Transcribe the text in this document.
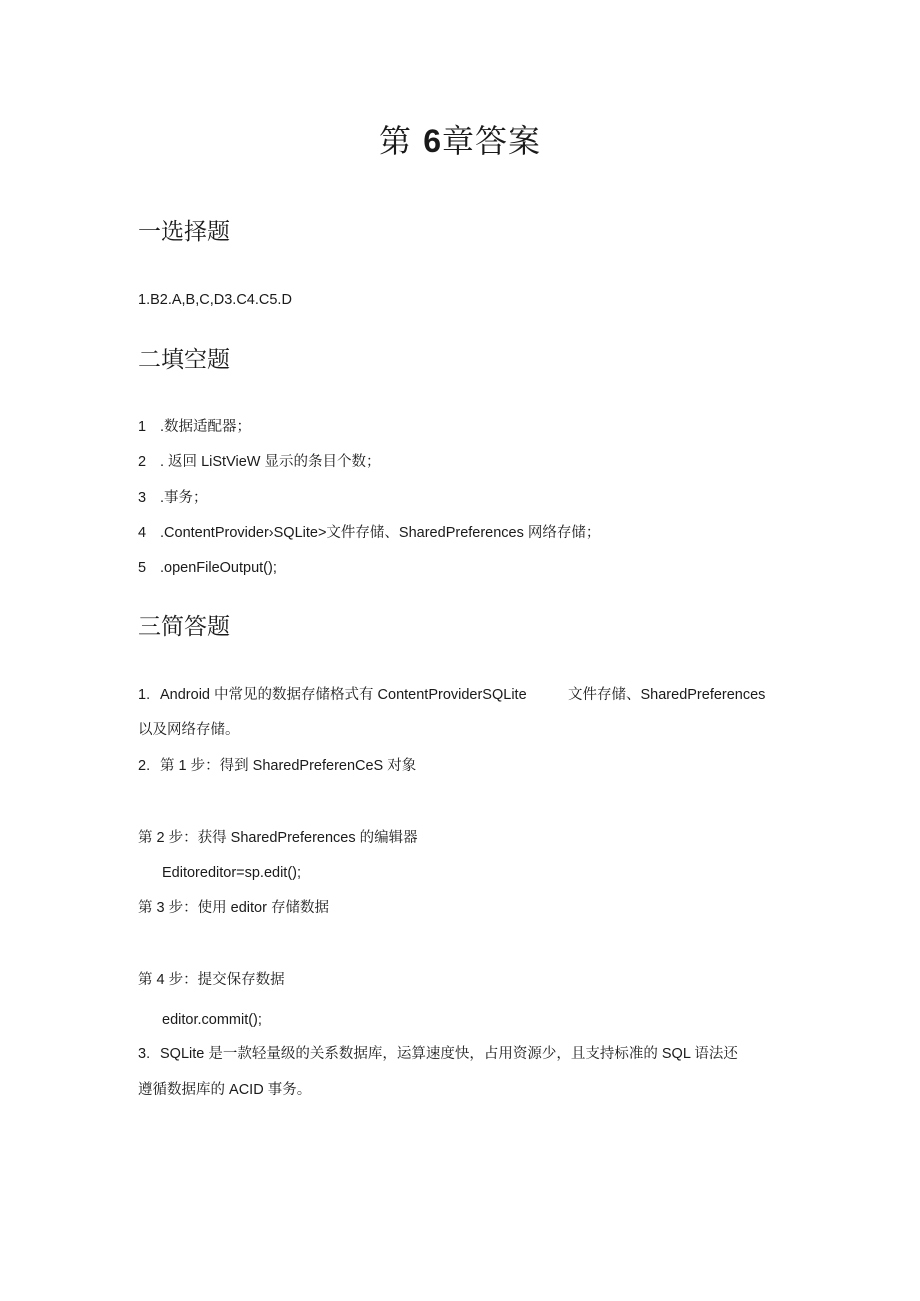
第 6章答案
一选择题
1.B2.A,B,C,D3.C4.C5.D
二填空题
1 .数据适配器；
2 . 返回 LiStVieW 显示的条目个数；
3 .事务；
4 .ContentProvider›SQLite>文件存储、SharedPreferences 网络存储；
5 .openFileOutput();
三简答题
1. Android 中常见的数据存储格式有 ContentProviderSQLite	文件存储、SharedPreferences
以及网络存储。
2. 第 1 步：得到 SharedPreferenCeS 对象
第 2 步：获得 SharedPreferences 的编辑器
Editoreditor=sp.edit();
第 3 步：使用 editor 存储数据
第 4 步：提交保存数据
editor.commit();
3. SQLite 是一款轻量级的关系数据库，运算速度快，占用资源少，且支持标准的 SQL 语法还
遵循数据库的 ACID 事务。
